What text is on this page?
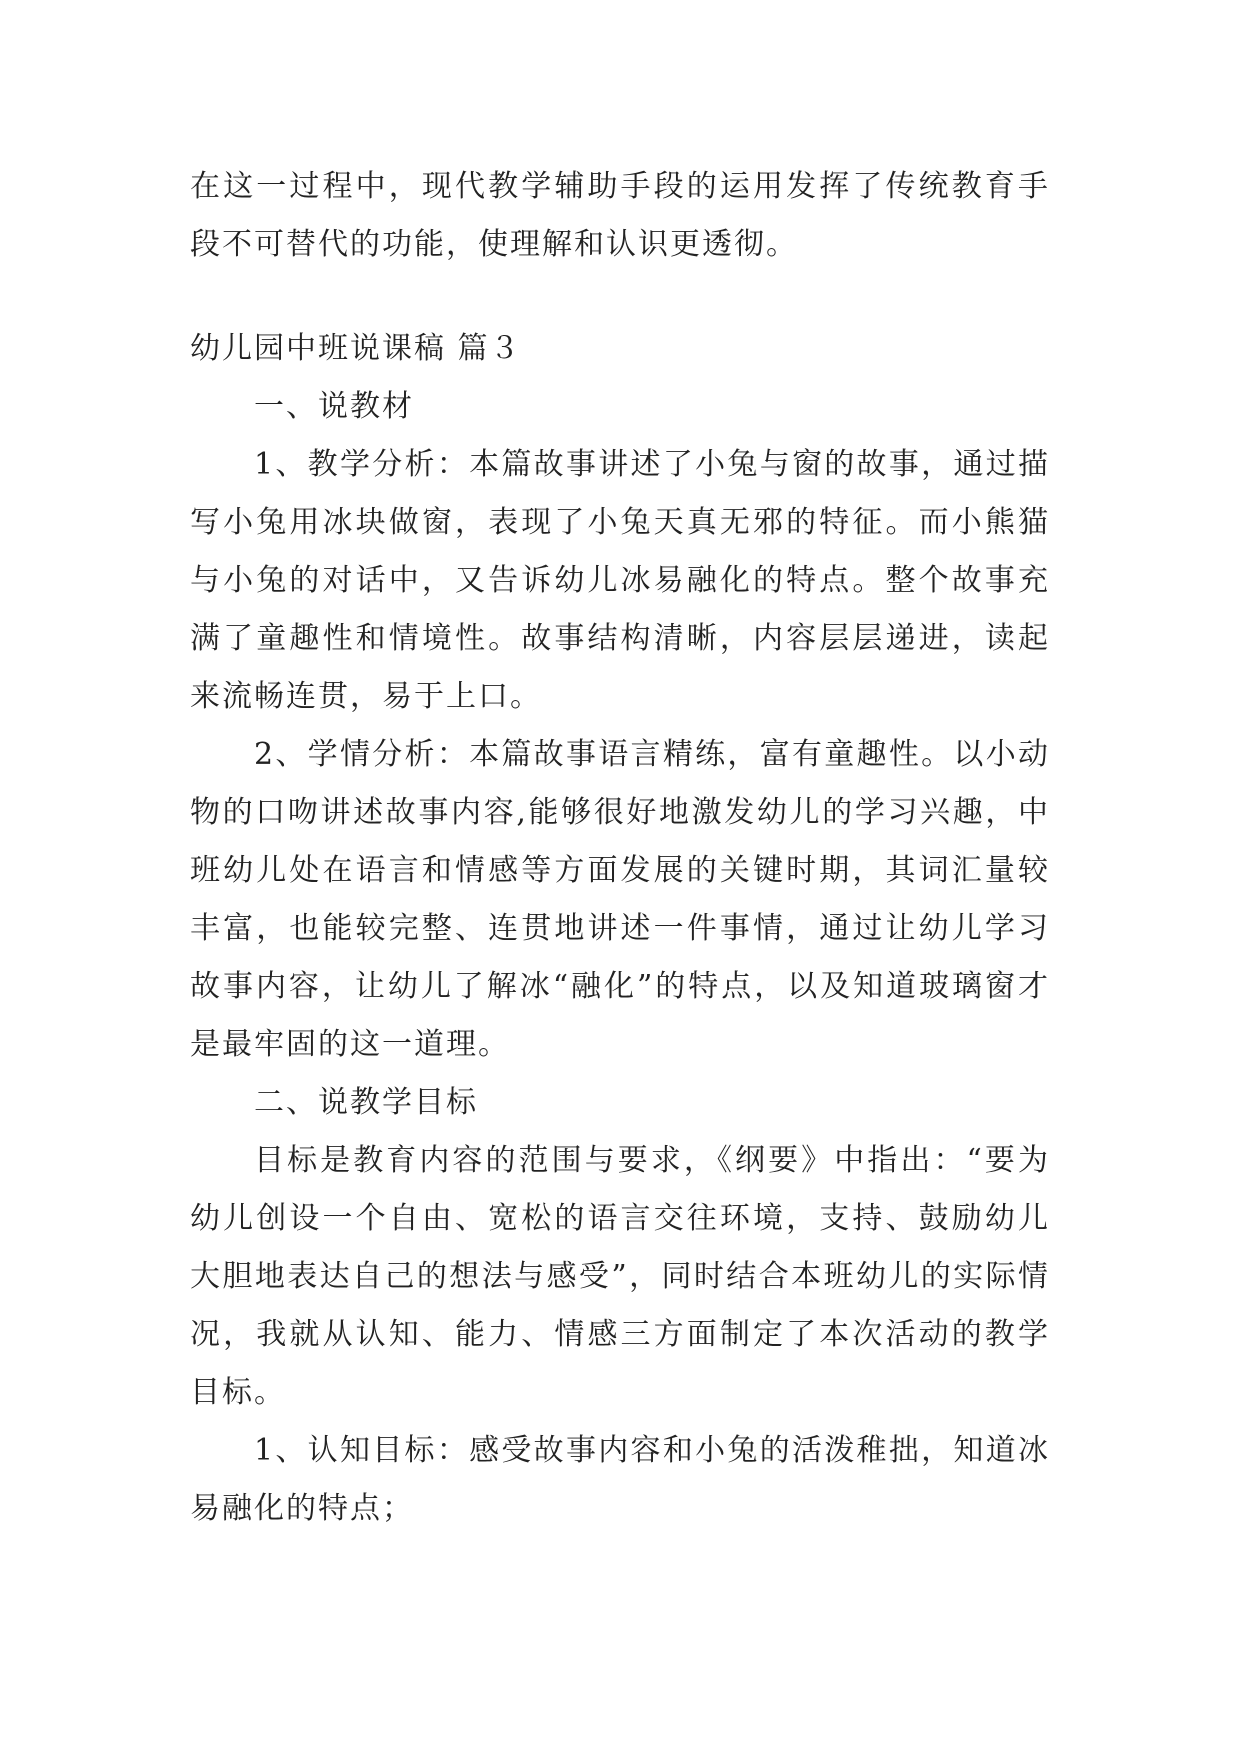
在这一过程中，现代教学辅助手段的运用发挥了传统教育手段不可替代的功能，使理解和认识更透彻。

幼儿园中班说课稿 篇３

一、说教材

1、教学分析：本篇故事讲述了小兔与窗的故事，通过描写小兔用冰块做窗，表现了小兔天真无邪的特征。而小熊猫与小兔的对话中，又告诉幼儿冰易融化的特点。整个故事充满了童趣性和情境性。故事结构清晰，内容层层递进，读起来流畅连贯，易于上口。

2、学情分析：本篇故事语言精练，富有童趣性。以小动物的口吻讲述故事内容,能够很好地激发幼儿的学习兴趣，中班幼儿处在语言和情感等方面发展的关键时期，其词汇量较丰富，也能较完整、连贯地讲述一件事情，通过让幼儿学习故事内容，让幼儿了解冰“融化”的特点，以及知道玻璃窗才是最牢固的这一道理。

二、说教学目标

目标是教育内容的范围与要求，《纲要》中指出：“要为幼儿创设一个自由、宽松的语言交往环境，支持、鼓励幼儿大胆地表达自己的想法与感受”，同时结合本班幼儿的实际情况，我就从认知、能力、情感三方面制定了本次活动的教学目标。

1、认知目标：感受故事内容和小兔的活泼稚拙，知道冰易融化的特点；
